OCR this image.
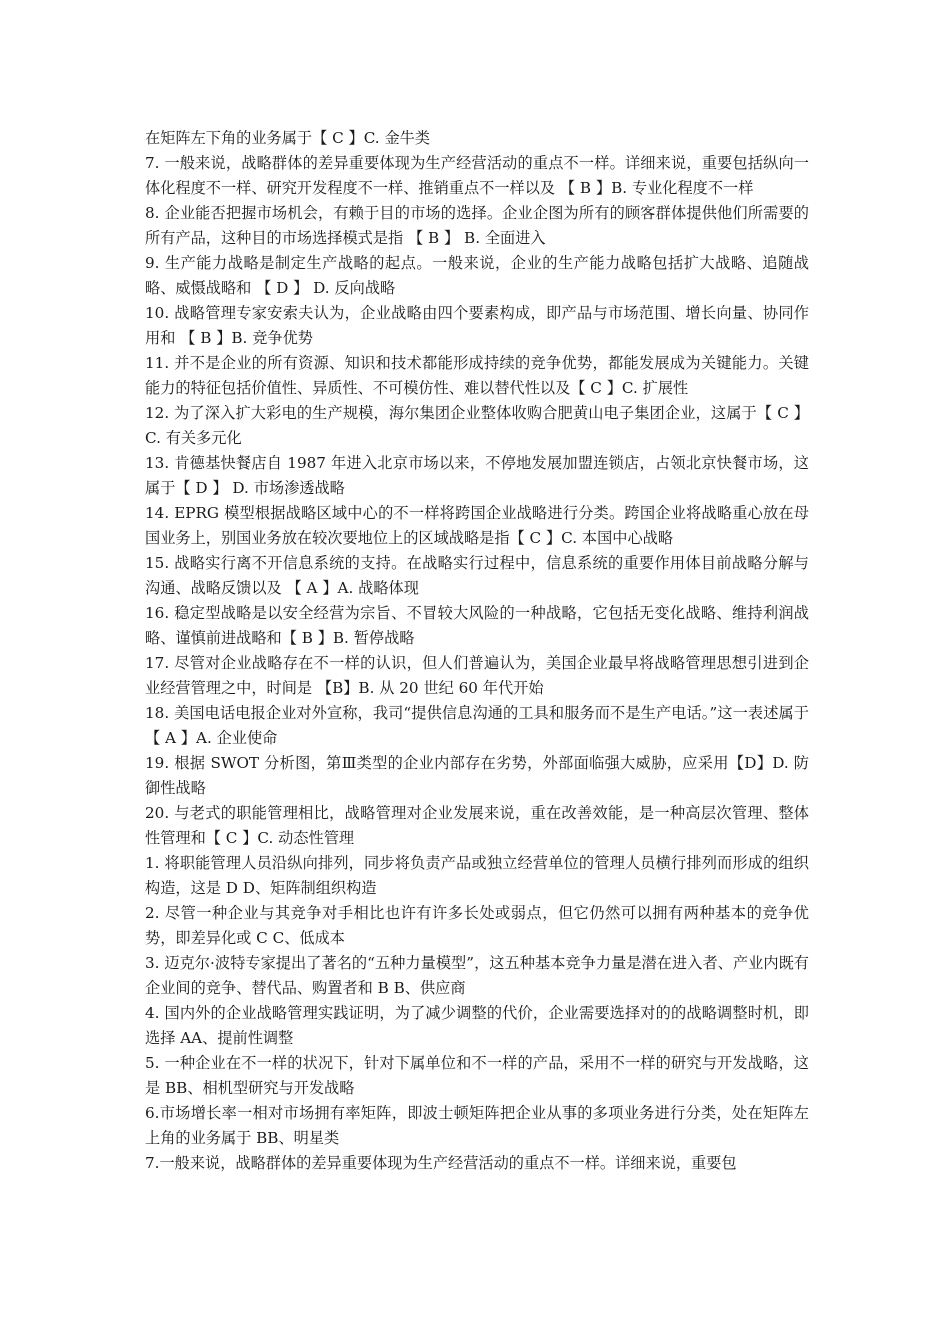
在矩阵左下角的业务属于【 C 】C. 金牛类

7. 一般来说，战略群体的差异重要体现为生产经营活动的重点不一样。详细来说，重要包括纵向一体化程度不一样、研究开发程度不一样、推销重点不一样以及 【 B 】B. 专业化程度不一样

8. 企业能否把握市场机会，有赖于目的市场的选择。企业企图为所有的顾客群体提供他们所需要的所有产品，这种目的市场选择模式是指 【 B 】 B. 全面进入

9. 生产能力战略是制定生产战略的起点。一般来说，企业的生产能力战略包括扩大战略、追随战略、威慑战略和 【 D 】 D. 反向战略

10. 战略管理专家安索夫认为，企业战略由四个要素构成，即产品与市场范围、增长向量、协同作用和 【 B 】B. 竞争优势

11. 并不是企业的所有资源、知识和技术都能形成持续的竞争优势，都能发展成为关键能力。关键能力的特征包括价值性、异质性、不可模仿性、难以替代性以及【 C 】C. 扩展性

12. 为了深入扩大彩电的生产规模，海尔集团企业整体收购合肥黄山电子集团企业，这属于【 C 】C. 有关多元化

13. 肯德基快餐店自 1987 年进入北京市场以来，不停地发展加盟连锁店，占领北京快餐市场，这属于【 D 】 D. 市场渗透战略

14. EPRG 模型根据战略区域中心的不一样将跨国企业战略进行分类。跨国企业将战略重心放在母国业务上，别国业务放在较次要地位上的区域战略是指【 C 】C. 本国中心战略

15. 战略实行离不开信息系统的支持。在战略实行过程中，信息系统的重要作用体目前战略分解与沟通、战略反馈以及 【 A 】A. 战略体现

16. 稳定型战略是以安全经营为宗旨、不冒较大风险的一种战略，它包括无变化战略、维持利润战略、谨慎前进战略和【 B 】B. 暂停战略

17. 尽管对企业战略存在不一样的认识，但人们普遍认为，美国企业最早将战略管理思想引进到企业经营管理之中，时间是 【B】B. 从 20 世纪 60 年代开始

18. 美国电话电报企业对外宣称，我司“提供信息沟通的工具和服务而不是生产电话。”这一表述属于 【 A 】A. 企业使命

19. 根据 SWOT 分析图，第Ⅲ类型的企业内部存在劣势，外部面临强大威胁，应采用【D】D. 防御性战略

20. 与老式的职能管理相比，战略管理对企业发展来说，重在改善效能，是一种高层次管理、整体性管理和【 C 】C. 动态性管理

1. 将职能管理人员沿纵向排列，同步将负责产品或独立经营单位的管理人员横行排列而形成的组织构造，这是 D D、矩阵制组织构造

2. 尽管一种企业与其竞争对手相比也许有许多长处或弱点，但它仍然可以拥有两种基本的竞争优势，即差异化或 C C、低成本

3. 迈克尔·波特专家提出了著名的“五种力量模型”，这五种基本竞争力量是潜在进入者、产业内既有企业间的竞争、替代品、购置者和 B B、供应商

4. 国内外的企业战略管理实践证明，为了减少调整的代价，企业需要选择对的的战略调整时机，即选择 AA、提前性调整

5. 一种企业在不一样的状况下，针对下属单位和不一样的产品，采用不一样的研究与开发战略，这是 BB、相机型研究与开发战略

6.市场增长率一相对市场拥有率矩阵，即波士顿矩阵把企业从事的多项业务进行分类，处在矩阵左上角的业务属于 BB、明星类

7.一般来说，战略群体的差异重要体现为生产经营活动的重点不一样。详细来说，重要包
